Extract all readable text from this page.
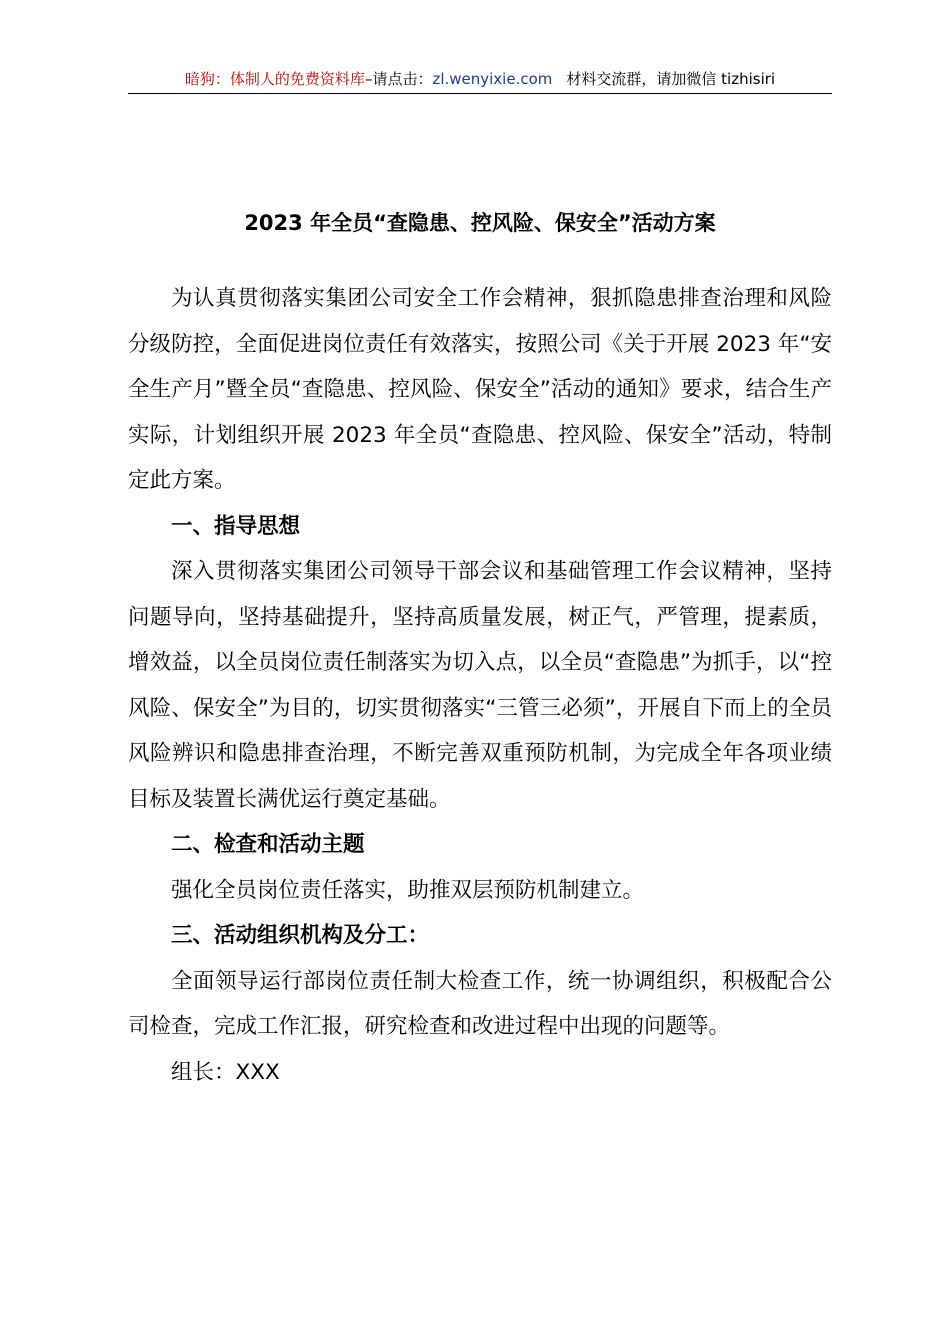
暗狗：体制人的免费资料库–请点击：zl.wenyixie.com 材料交流群，请加微信 tizhisiri
2023 年全员“查隐患、控风险、保安全”活动方案

为认真贯彻落实集团公司安全工作会精神，狠抓隐患排查治理和风险分级防控，全面促进岗位责任有效落实，按照公司《关于开展 2023 年“安全生产月”暨全员“查隐患、控风险、保安全”活动的通知》要求，结合生产实际，计划组织开展 2023 年全员“查隐患、控风险、保安全”活动，特制定此方案。

一、指导思想

深入贯彻落实集团公司领导干部会议和基础管理工作会议精神，坚持问题导向，坚持基础提升，坚持高质量发展，树正气，严管理，提素质，增效益，以全员岗位责任制落实为切入点，以全员“查隐患”为抓手，以“控风险、保安全”为目的，切实贯彻落实“三管三必须”，开展自下而上的全员风险辨识和隐患排查治理，不断完善双重预防机制，为完成全年各项业绩目标及装置长满优运行奠定基础。

二、检查和活动主题

强化全员岗位责任落实，助推双层预防机制建立。

三、活动组织机构及分工：

全面领导运行部岗位责任制大检查工作，统一协调组织，积极配合公司检查，完成工作汇报，研究检查和改进过程中出现的问题等。

组长：XXX
